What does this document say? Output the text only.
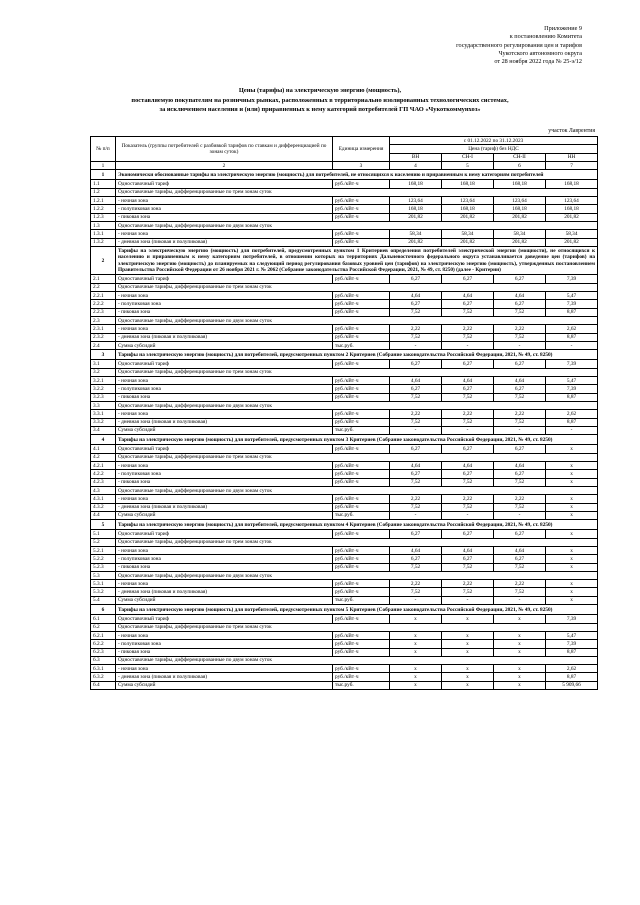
Приложение 9
к постановлению Комитета
государственного регулирования цен и тарифов
Чукотского автономного округа
от 28 ноября 2022 года № 25-э/12
Цены (тарифы) на электрическую энергию (мощность),
поставляемую покупателям на розничных рынках, расположенных в территориально изолированных технологических системах,
за исключением населения и (или) приравненных к нему категорий потребителей ГП ЧАО «Чукоткоммунхоз»
участок Лаврентия
№ п/п	Показатель (группы потребителей с разбивкой тарифов по ставкам и дифференциацией по зонам суток)	Единица измерения	с 01.12.2022 по 31.12.2023			
			Цена (тариф) без НДС			
			ВН	СН-I	СН-II	НН
1	2	3	4	5	6	7
1	Экономически обоснованные тарифы на электрическую энергию (мощность) для потребителей, не относящихся к населению и приравненным к нему категориям потребителей					
1.1	Одноставочный тариф	руб./кВт·ч	168,18	168,18	168,18	168,18
1.2	Одноставочные тарифы, дифференцированные по трем зонам суток					
1.2.1	- ночная зона	руб./кВт·ч	123,64	123,64	123,64	123,64
1.2.2	- полупиковая зона	руб./кВт·ч	168,18	168,18	168,18	168,18
1.2.3	- пиковая зона	руб./кВт·ч	201,82	201,82	201,82	201,82
1.3	Одноставочные тарифы, дифференцированные по двум зонам суток					
1.3.1	- ночная зона	руб./кВт·ч	58,34	58,34	58,34	58,34
1.3.2	- дневная зона (пиковая и полупиковая)	руб./кВт·ч	201,82	201,82	201,82	201,82
2	Тарифы на электрическую энергию (мощность) для потребителей, предусмотренных пунктом 1 Критериев определения потребителей электрической энергии (мощности), не относящихся к населению и приравненным к нему категориям потребителей, в отношении которых на территориях Дальневосточного федерального округа устанавливается доведение цен (тарифов) на электрическую энергию (мощность) до планируемых на следующий период регулирования базовых уровней цен (тарифов) на электрическую энергию (мощность), утвержденных постановлением Правительства Российской Федерации от 26 ноября 2021 г. № 2062 (Собрание законодательства Российской Федерации, 2021, № 49, ст. 8250) (далее - Критерии)					
2.1	Одноставочный тариф	руб./кВт·ч	6,27	6,27	6,27	7,39
2.2	Одноставочные тарифы, дифференцированные по трем зонам суток					
2.2.1	- ночная зона	руб./кВт·ч	4,64	4,64	4,64	5,47
2.2.2	- полупиковая зона	руб./кВт·ч	6,27	6,27	6,27	7,39
2.2.3	- пиковая зона	руб./кВт·ч	7,52	7,52	7,52	8,87
2.3	Одноставочные тарифы, дифференцированные по двум зонам суток					
2.3.1	- ночная зона	руб./кВт·ч	2,22	2,22	2,22	2,62
2.3.2	- дневная зона (пиковая и полупиковая)	руб./кВт·ч	7,52	7,52	7,52	8,87
2.4	Сумма субсидий	тыс.руб.	-	-	-	-
3	Тарифы на электрическую энергию (мощность) для потребителей, предусмотренных пунктом 2 Критериев (Собрание законодательства Российской Федерации, 2021, № 49, ст. 8250)					
3.1	Одноставочный тариф	руб./кВт·ч	6,27	6,27	6,27	7,39
3.2	Одноставочные тарифы, дифференцированные по трем зонам суток					
3.2.1	- ночная зона	руб./кВт·ч	4,64	4,64	4,64	5,47
3.2.2	- полупиковая зона	руб./кВт·ч	6,27	6,27	6,27	7,39
3.2.3	- пиковая зона	руб./кВт·ч	7,52	7,52	7,52	8,87
3.3	Одноставочные тарифы, дифференцированные по двум зонам суток					
3.3.1	- ночная зона	руб./кВт·ч	2,22	2,22	2,22	2,62
3.3.2	- дневная зона (пиковая и полупиковая)	руб./кВт·ч	7,52	7,52	7,52	8,87
3.4	Сумма субсидий	тыс.руб.	-	-	-	-
4	Тарифы на электрическую энергию (мощность) для потребителей, предусмотренных пунктом 3 Критериев (Собрание законодательства Российской Федерации, 2021, № 49, ст. 8250)					
4.1	Одноставочный тариф	руб./кВт·ч	6,27	6,27	6,27	x
4.2	Одноставочные тарифы, дифференцированные по трем зонам суток					
4.2.1	- ночная зона	руб./кВт·ч	4,64	4,64	4,64	x
4.2.2	- полупиковая зона	руб./кВт·ч	6,27	6,27	6,27	x
4.2.3	- пиковая зона	руб./кВт·ч	7,52	7,52	7,52	x
4.3	Одноставочные тарифы, дифференцированные по двум зонам суток					
4.3.1	- ночная зона	руб./кВт·ч	2,22	2,22	2,22	x
4.3.2	- дневная зона (пиковая и полупиковая)	руб./кВт·ч	7,52	7,52	7,52	x
4.4	Сумма субсидий	тыс.руб.	-	-	-	x
5	Тарифы на электрическую энергию (мощность) для потребителей, предусмотренных пунктом 4 Критериев (Собрание законодательства Российской Федерации, 2021, № 49, ст. 8250)					
5.1	Одноставочный тариф	руб./кВт·ч	6,27	6,27	6,27	x
5.2	Одноставочные тарифы, дифференцированные по трем зонам суток					
5.2.1	- ночная зона	руб./кВт·ч	4,64	4,64	4,64	x
5.2.2	- полупиковая зона	руб./кВт·ч	6,27	6,27	6,27	x
5.2.3	- пиковая зона	руб./кВт·ч	7,52	7,52	7,52	x
5.3	Одноставочные тарифы, дифференцированные по двум зонам суток					
5.3.1	- ночная зона	руб./кВт·ч	2,22	2,22	2,22	x
5.3.2	- дневная зона (пиковая и полупиковая)	руб./кВт·ч	7,52	7,52	7,52	x
5.4	Сумма субсидий	тыс.руб.	-	-	-	x
6	Тарифы на электрическую энергию (мощность) для потребителей, предусмотренных пунктом 5 Критериев (Собрание законодательства Российской Федерации, 2021, № 49, ст. 8250)					
6.1	Одноставочный тариф	руб./кВт·ч	x	x	x	7,39
6.2	Одноставочные тарифы, дифференцированные по трем зонам суток					
6.2.1	- ночная зона	руб./кВт·ч	x	x	x	5,47
6.2.2	- полупиковая зона	руб./кВт·ч	x	x	x	7,39
6.2.3	- пиковая зона	руб./кВт·ч	x	x	x	8,87
6.3	Одноставочные тарифы, дифференцированные по двум зонам суток					
6.3.1	- ночная зона	руб./кВт·ч	x	x	x	2,62
6.3.2	- дневная зона (пиковая и полупиковая)	руб./кВт·ч	x	x	x	8,87
6.4	Сумма субсидий	тыс.руб.	x	x	x	5 909,66
